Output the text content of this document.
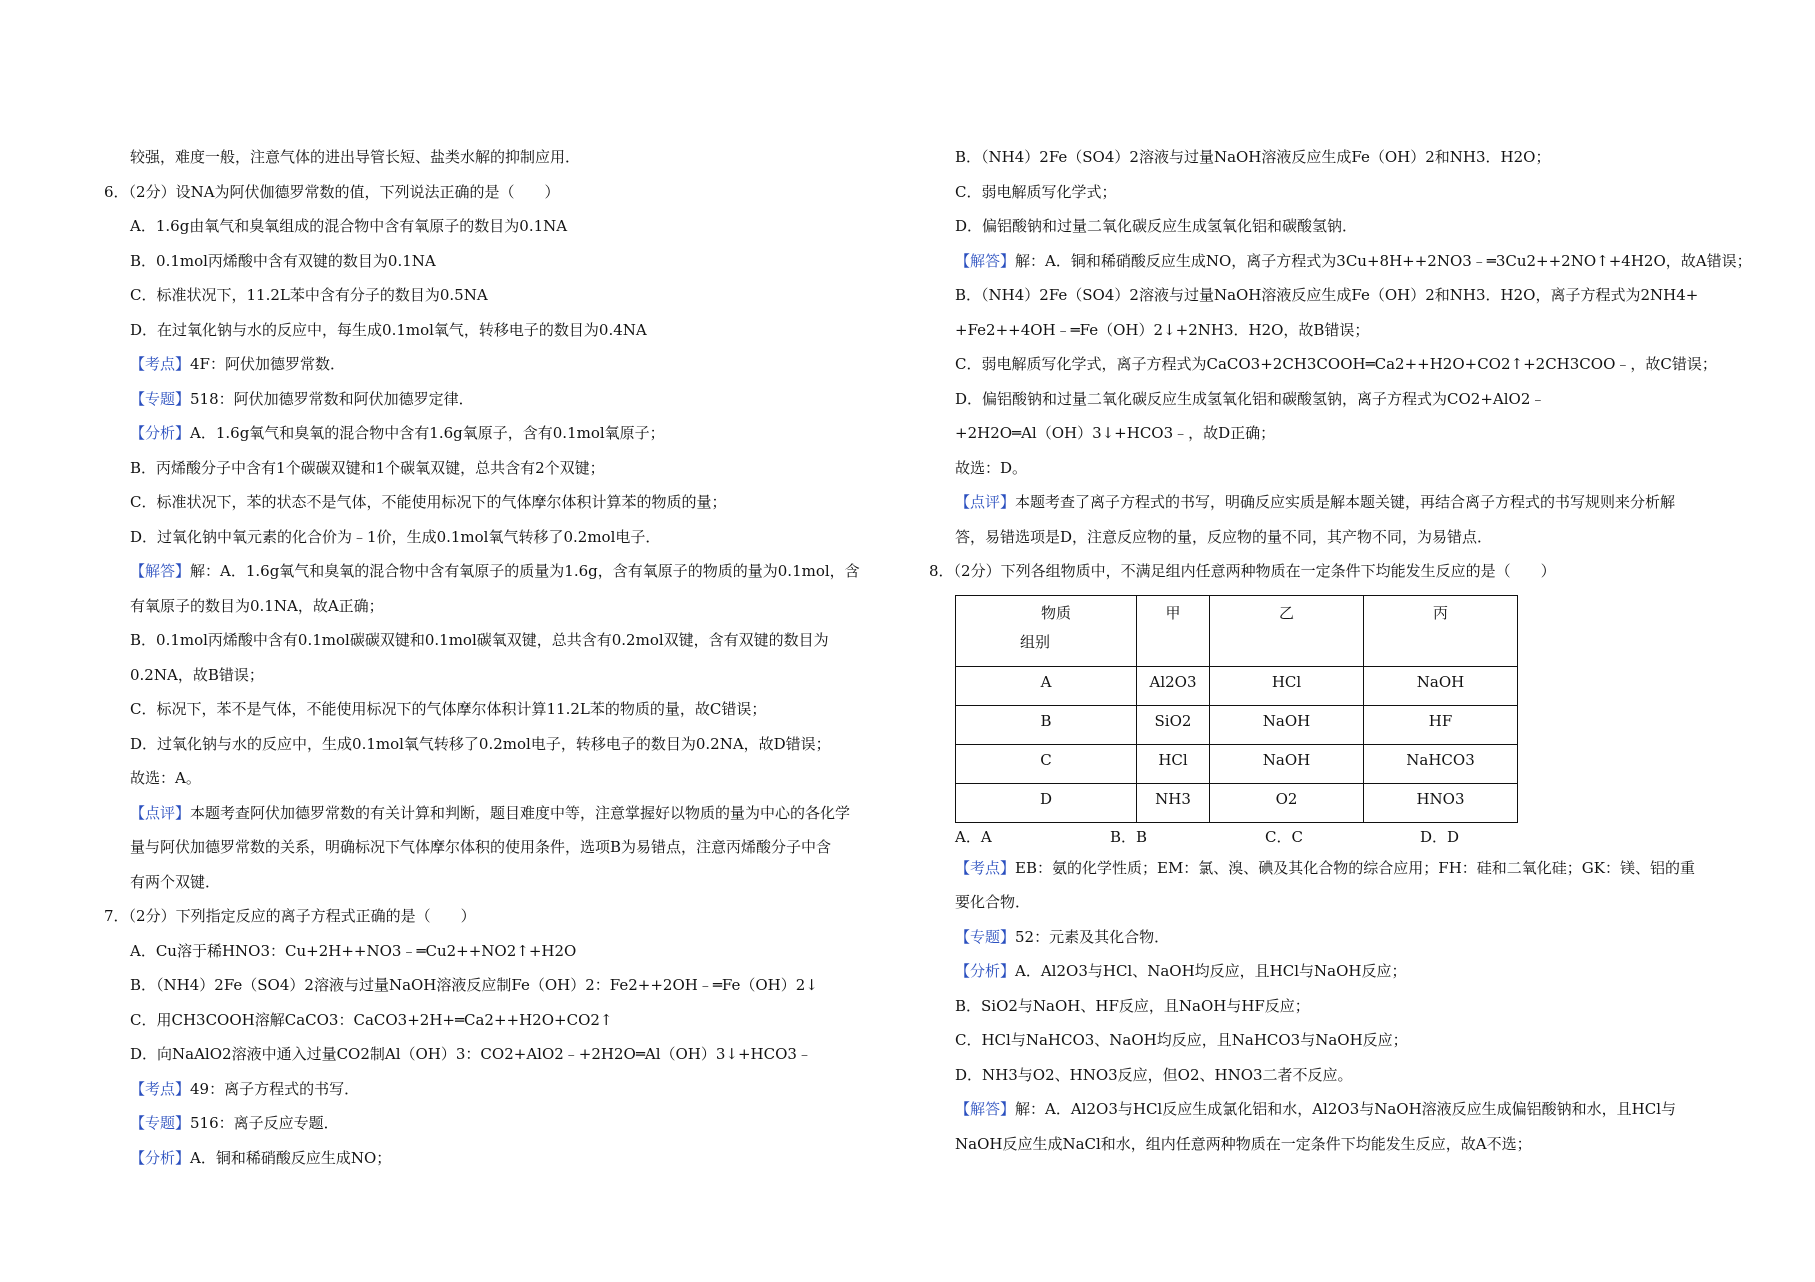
较强，难度一般，注意气体的进出导管长短、盐类水解的抑制应用．
6．（2分）设NA为阿伏伽德罗常数的值，下列说法正确的是（　　）
A．1.6g由氧气和臭氧组成的混合物中含有氧原子的数目为0.1NA
B．0.1mol丙烯酸中含有双键的数目为0.1NA
C．标准状况下，11.2L苯中含有分子的数目为0.5NA
D．在过氧化钠与水的反应中，每生成0.1mol氧气，转移电子的数目为0.4NA
【考点】4F：阿伏加德罗常数．
【专题】518：阿伏加德罗常数和阿伏加德罗定律．
【分析】A．1.6g氧气和臭氧的混合物中含有1.6g氧原子，含有0.1mol氧原子；
B．丙烯酸分子中含有1个碳碳双键和1个碳氧双键，总共含有2个双键；
C．标准状况下，苯的状态不是气体，不能使用标况下的气体摩尔体积计算苯的物质的量；
D．过氧化钠中氧元素的化合价为﹣1价，生成0.1mol氧气转移了0.2mol电子．
【解答】解：A．1.6g氧气和臭氧的混合物中含有氧原子的质量为1.6g，含有氧原子的物质的量为0.1mol，含
有氧原子的数目为0.1NA，故A正确；
B．0.1mol丙烯酸中含有0.1mol碳碳双键和0.1mol碳氧双键，总共含有0.2mol双键，含有双键的数目为
0.2NA，故B错误；
C．标况下，苯不是气体，不能使用标况下的气体摩尔体积计算11.2L苯的物质的量，故C错误；
D．过氧化钠与水的反应中，生成0.1mol氧气转移了0.2mol电子，转移电子的数目为0.2NA，故D错误；
故选：A。
【点评】本题考查阿伏加德罗常数的有关计算和判断，题目难度中等，注意掌握好以物质的量为中心的各化学
量与阿伏加德罗常数的关系，明确标况下气体摩尔体积的使用条件，选项B为易错点，注意丙烯酸分子中含
有两个双键．
7．（2分）下列指定反应的离子方程式正确的是（　　）
A．Cu溶于稀HNO3：Cu+2H++NO3﹣═Cu2++NO2↑+H2O
B．（NH4）2Fe（SO4）2溶液与过量NaOH溶液反应制Fe（OH）2：Fe2++2OH﹣═Fe（OH）2↓
C．用CH3COOH溶解CaCO3：CaCO3+2H+═Ca2++H2O+CO2↑
D．向NaAlO2溶液中通入过量CO2制Al（OH）3：CO2+AlO2﹣+2H2O═Al（OH）3↓+HCO3﹣
【考点】49：离子方程式的书写．
【专题】516：离子反应专题．
【分析】A．铜和稀硝酸反应生成NO；
B．（NH4）2Fe（SO4）2溶液与过量NaOH溶液反应生成Fe（OH）2和NH3．H2O；
C．弱电解质写化学式；
D．偏铝酸钠和过量二氧化碳反应生成氢氧化铝和碳酸氢钠．
【解答】解：A．铜和稀硝酸反应生成NO，离子方程式为3Cu+8H++2NO3﹣═3Cu2++2NO↑+4H2O，故A错误；
B．（NH4）2Fe（SO4）2溶液与过量NaOH溶液反应生成Fe（OH）2和NH3．H2O，离子方程式为2NH4+
+Fe2++4OH﹣═Fe（OH）2↓+2NH3．H2O，故B错误；
C．弱电解质写化学式，离子方程式为CaCO3+2CH3COOH═Ca2++H2O+CO2↑+2CH3COO﹣，故C错误；
D．偏铝酸钠和过量二氧化碳反应生成氢氧化铝和碳酸氢钠，离子方程式为CO2+AlO2﹣
+2H2O═Al（OH）3↓+HCO3﹣，故D正确；
故选：D。
【点评】本题考查了离子方程式的书写，明确反应实质是解本题关键，再结合离子方程式的书写规则来分析解
答，易错选项是D，注意反应物的量，反应物的量不同，其产物不同，为易错点．
8．（2分）下列各组物质中，不满足组内任意两种物质在一定条件下均能发生反应的是（　　）
物质
组别	甲	乙	丙
A	Al2O3	HCl	NaOH
B	SiO2	NaOH	HF
C	HCl	NaOH	NaHCO3
D	NH3	O2	HNO3
A．A	B．B	C．C	D．D
【考点】EB：氨的化学性质；EM：氯、溴、碘及其化合物的综合应用；FH：硅和二氧化硅；GK：镁、铝的重
要化合物．
【专题】52：元素及其化合物．
【分析】A．Al2O3与HCl、NaOH均反应，且HCl与NaOH反应；
B．SiO2与NaOH、HF反应，且NaOH与HF反应；
C．HCl与NaHCO3、NaOH均反应，且NaHCO3与NaOH反应；
D．NH3与O2、HNO3反应，但O2、HNO3二者不反应。
【解答】解：A．Al2O3与HCl反应生成氯化铝和水，Al2O3与NaOH溶液反应生成偏铝酸钠和水，且HCl与
NaOH反应生成NaCl和水，组内任意两种物质在一定条件下均能发生反应，故A不选；
